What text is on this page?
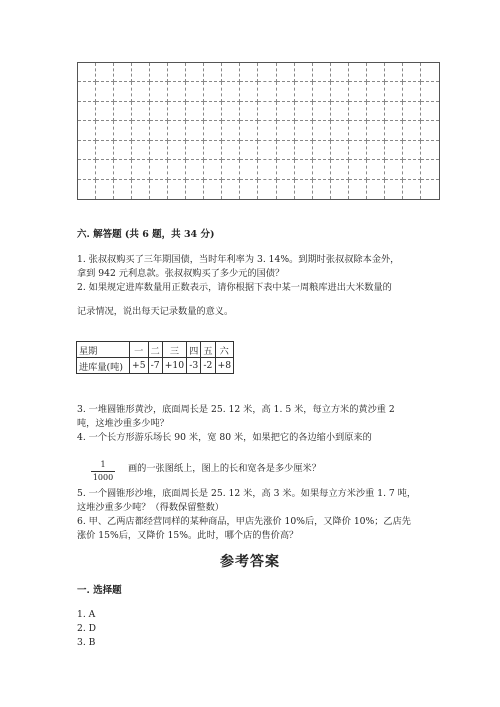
六. 解答题 (共 6 题，共 34 分)
1. 张叔叔购买了三年期国债，当时年利率为 3. 14%。到期时张叔叔除本金外，
拿到 942 元利息款。张叔叔购买了多少元的国债？
2. 如果规定进库数量用正数表示，请你根据下表中某一周粮库进出大米数量的
记录情况，说出每天记录数量的意义。
星期	一	二	三	四	五	六
进库量(吨)	+5	-7	+10	-3	-2	+8
3. 一堆圆锥形黄沙，底面周长是 25. 12 米，高 1. 5 米，每立方米的黄沙重 2
吨，这堆沙重多少吨？
4. 一个长方形游乐场长 90 米，宽 80 米，如果把它的各边缩小到原来的
1
1000
画的一张图纸上，图上的长和宽各是多少厘米？
5. 一个圆锥形沙堆，底面周长是 25. 12 米，高 3 米。如果每立方米沙重 1. 7 吨，
这堆沙重多少吨？（得数保留整数）
6. 甲、乙两店都经营同样的某种商品，甲店先涨价 10%后，又降价 10%；乙店先
涨价 15%后，又降价 15%。此时，哪个店的售价高？
参考答案
一. 选择题
1. A
2. D
3. B
